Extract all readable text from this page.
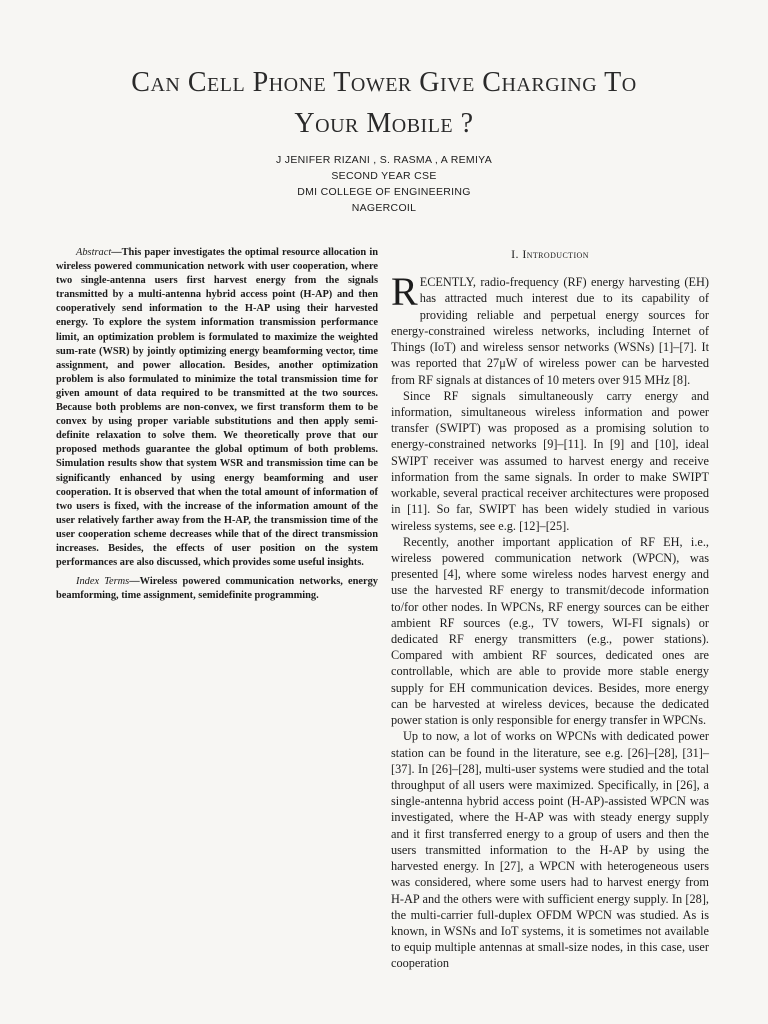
Can Cell Phone Tower Give Charging To
Your Mobile ?
J JENIFER RIZANI , S. RASMA , A REMIYA
SECOND YEAR CSE
DMI COLLEGE OF ENGINEERING
NAGERCOIL

Abstract—This paper investigates the optimal resource allocation in wireless powered communication network with user cooperation, where two single-antenna users first harvest energy from the signals transmitted by a multi-antenna hybrid access point (H-AP) and then cooperatively send information to the H-AP using their harvested energy. To explore the system information transmission performance limit, an optimization problem is formulated to maximize the weighted sum-rate (WSR) by jointly optimizing energy beamforming vector, time assignment, and power allocation. Besides, another optimization problem is also formulated to minimize the total transmission time for given amount of data required to be transmitted at the two sources. Because both problems are non-convex, we first transform them to be convex by using proper variable substitutions and then apply semi-definite relaxation to solve them. We theoretically prove that our proposed methods guarantee the global optimum of both problems. Simulation results show that system WSR and transmission time can be significantly enhanced by using energy beamforming and user cooperation. It is observed that when the total amount of information of two users is fixed, with the increase of the information amount of the user relatively farther away from the H-AP, the transmission time of the user cooperation scheme decreases while that of the direct transmission increases. Besides, the effects of user position on the system performances are also discussed, which provides some useful insights.

Index Terms—Wireless powered communication networks, energy beamforming, time assignment, semidefinite programming.

I. Introduction

RECENTLY, radio-frequency (RF) energy harvesting (EH) has attracted much interest due to its capability of providing reliable and perpetual energy sources for energy-constrained wireless networks, including Internet of Things (IoT) and wireless sensor networks (WSNs) [1]–[7]. It was reported that 27μW of wireless power can be harvested from RF signals at distances of 10 meters over 915 MHz [8].

Since RF signals simultaneously carry energy and information, simultaneous wireless information and power transfer (SWIPT) was proposed as a promising solution to energy-constrained networks [9]–[11]. In [9] and [10], ideal SWIPT receiver was assumed to harvest energy and receive information from the same signals. In order to make SWIPT workable, several practical receiver architectures were proposed in [11]. So far, SWIPT has been widely studied in various wireless systems, see e.g. [12]–[25].

Recently, another important application of RF EH, i.e., wireless powered communication network (WPCN), was presented [4], where some wireless nodes harvest energy and use the harvested RF energy to transmit/decode information to/for other nodes. In WPCNs, RF energy sources can be either ambient RF sources (e.g., TV towers, WI-FI signals) or dedicated RF energy transmitters (e.g., power stations). Compared with ambient RF sources, dedicated ones are controllable, which are able to provide more stable energy supply for EH communication devices. Besides, more energy can be harvested at wireless devices, because the dedicated power station is only responsible for energy transfer in WPCNs.

Up to now, a lot of works on WPCNs with dedicated power station can be found in the literature, see e.g. [26]–[28], [31]–[37]. In [26]–[28], multi-user systems were studied and the total throughput of all users were maximized. Specifically, in [26], a single-antenna hybrid access point (H-AP)-assisted WPCN was investigated, where the H-AP was with steady energy supply and it first transferred energy to a group of users and then the users transmitted information to the H-AP by using the harvested energy. In [27], a WPCN with heterogeneous users was considered, where some users had to harvest energy from H-AP and the others were with sufficient energy supply. In [28], the multi-carrier full-duplex OFDM WPCN was studied. As is known, in WSNs and IoT systems, it is sometimes not available to equip multiple antennas at small-size nodes, in this case, user cooperation
